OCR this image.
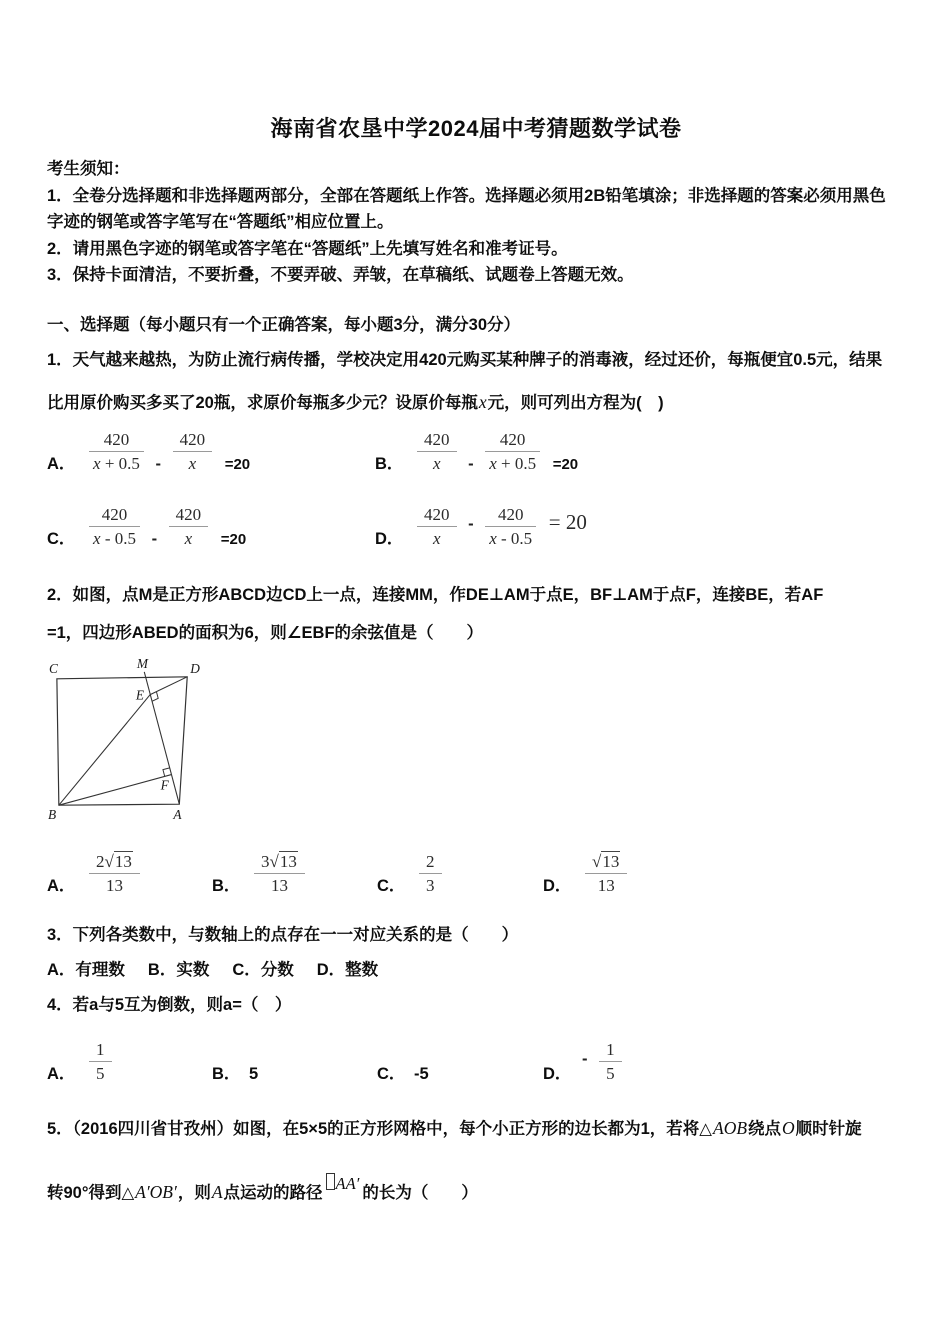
海南省农垦中学2024届中考猜题数学试卷

考生须知：

1．全卷分选择题和非选择题两部分，全部在答题纸上作答。选择题必须用2B铅笔填涂；非选择题的答案必须用黑色

字迹的钢笔或答字笔写在“答题纸”相应位置上。

2．请用黑色字迹的钢笔或答字笔在“答题纸”上先填写姓名和准考证号。

3．保持卡面清洁，不要折叠，不要弄破、弄皱，在草稿纸、试题卷上答题无效。

一、选择题（每小题只有一个正确答案，每小题3分，满分30分）
1．天气越来越热，为防止流行病传播，学校决定用420元购买某种牌子的消毒液，经过还价，每瓶便宜0.5元，结果
比用原价购买多买了20瓶，求原价每瓶多少元？设原价每瓶x元，则可列出方程为(　)
A． $\frac{420}{x + 0.5} - \frac{420}{x} =20$	B． $\frac{420}{x} - \frac{420}{x + 0.5} =20$
C． $\frac{420}{x - 0.5} - \frac{420}{x} =20$	D． $\frac{420}{x} - \frac{420}{x - 0.5} = 20$
2．如图，点M是正方形ABCD边CD上一点，连接MM，作DE⊥AM于点E，BF⊥AM于点F，连接BE，若AF
=1，四边形ABED的面积为6，则∠EBF的余弦值是（　　）
C	M	D
E
F
B	A
A． $\frac{2 √ 13}{13}$	B． $\frac{3 √ 13}{13}$	C． $\frac{2}{3}$	D． √ $\frac{13}{13}$
3．下列各类数中，与数轴上的点存在一一对应关系的是（　　）
A．有理数 B．实数 C．分数 D．整数
4．若a与5互为倒数，则a=（　）
A． $\frac{1}{5}$	B． 5	C． -5	D． - $\frac{1}{5}$
5．（2016四川省甘孜州）如图，在5×5的正方形网格中，每个小正方形的边长都为1，若将△AOB绕点O顺时针旋
转90°得到△A′OB′，则A点运动的路径 AA′ 的长为（　　）
